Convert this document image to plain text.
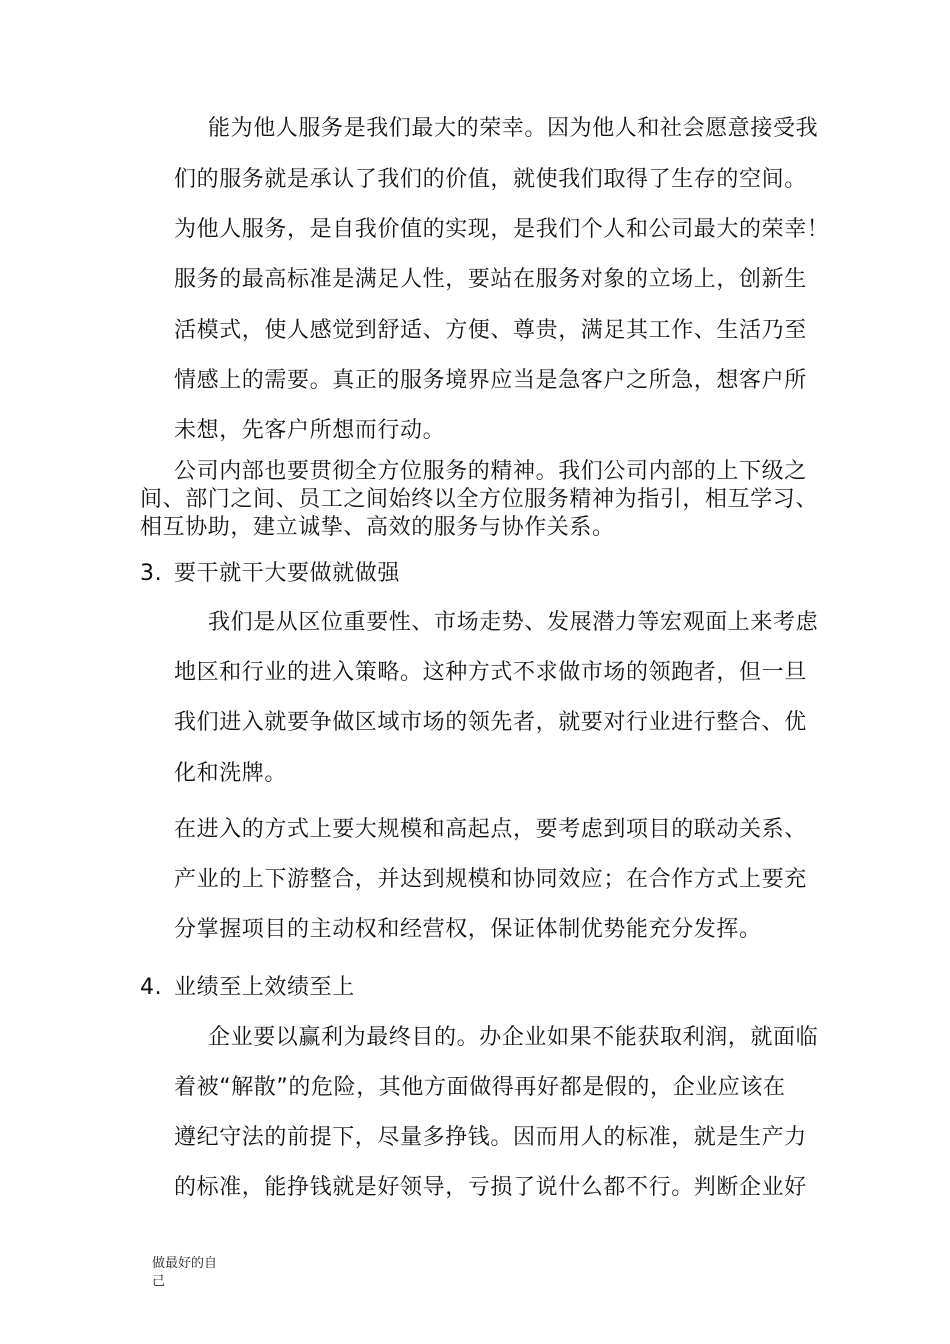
能为他人服务是我们最大的荣幸。因为他人和社会愿意接受我
们的服务就是承认了我们的价值，就使我们取得了生存的空间。
为他人服务，是自我价值的实现，是我们个人和公司最大的荣幸！
服务的最高标准是满足人性，要站在服务对象的立场上，创新生
活模式，使人感觉到舒适、方便、尊贵，满足其工作、生活乃至
情感上的需要。真正的服务境界应当是急客户之所急，想客户所
未想，先客户所想而行动。
公司内部也要贯彻全方位服务的精神。我们公司内部的上下级之
间、部门之间、员工之间始终以全方位服务精神为指引，相互学习、
相互协助，建立诚挚、高效的服务与协作关系。
3. 要干就干大要做就做强
我们是从区位重要性、市场走势、发展潜力等宏观面上来考虑
地区和行业的进入策略。这种方式不求做市场的领跑者，但一旦
我们进入就要争做区域市场的领先者，就要对行业进行整合、优
化和洗牌。
在进入的方式上要大规模和高起点，要考虑到项目的联动关系、
产业的上下游整合，并达到规模和协同效应；在合作方式上要充
分掌握项目的主动权和经营权，保证体制优势能充分发挥。
4. 业绩至上效绩至上
企业要以赢利为最终目的。办企业如果不能获取利润，就面临
着被“解散”的危险，其他方面做得再好都是假的，企业应该在
遵纪守法的前提下，尽量多挣钱。因而用人的标准，就是生产力
的标准，能挣钱就是好领导，亏损了说什么都不行。判断企业好
做最好的自
己
